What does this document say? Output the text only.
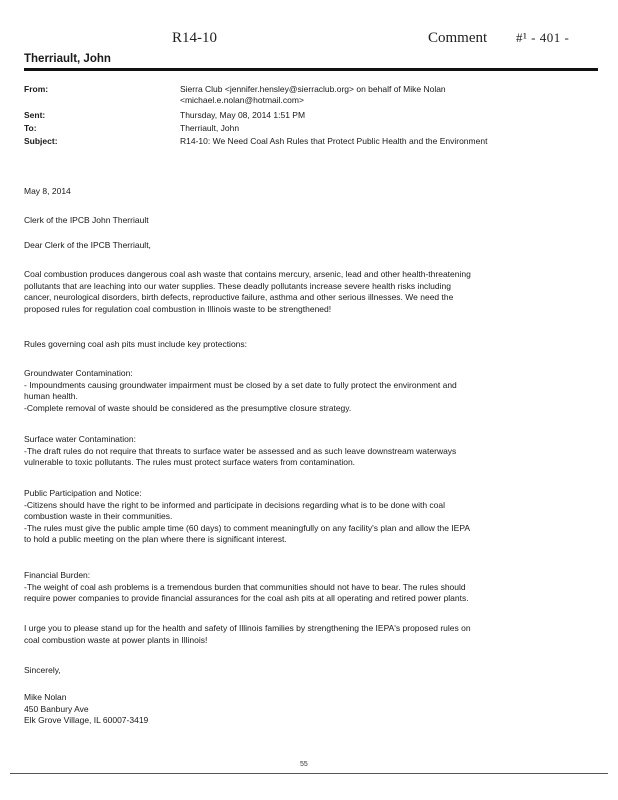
R14-10	Comment #¹ - 401 -
Therriault, John
From:	Sierra Club <jennifer.hensley@sierraclub.org> on behalf of Mike Nolan
<michael.e.nolan@hotmail.com>
Sent:	Thursday, May 08, 2014 1:51 PM
To:	Therriault, John
Subject:	R14-10: We Need Coal Ash Rules that Protect Public Health and the Environment
May 8, 2014
Clerk of the IPCB John Therriault
Dear Clerk of the IPCB Therriault,
Coal combustion produces dangerous coal ash waste that contains mercury, arsenic, lead and other health-threatening
pollutants that are leaching into our water supplies. These deadly pollutants increase severe health risks including
cancer, neurological disorders, birth defects, reproductive failure, asthma and other serious illnesses. We need the
proposed rules for regulation coal combustion in Illinois waste to be strengthened!
Rules governing coal ash pits must include key protections:
Groundwater Contamination:
- Impoundments causing groundwater impairment must be closed by a set date to fully protect the environment and
human health.
-Complete removal of waste should be considered as the presumptive closure strategy.
Surface water Contamination:
-The draft rules do not require that threats to surface water be assessed and as such leave downstream waterways
vulnerable to toxic pollutants. The rules must protect surface waters from contamination.
Public Participation and Notice:
-Citizens should have the right to be informed and participate in decisions regarding what is to be done with coal
combustion waste in their communities.
-The rules must give the public ample time (60 days) to comment meaningfully on any facility's plan and allow the IEPA
to hold a public meeting on the plan where there is significant interest.
Financial Burden:
-The weight of coal ash problems is a tremendous burden that communities should not have to bear. The rules should
require power companies to provide financial assurances for the coal ash pits at all operating and retired power plants.
I urge you to please stand up for the health and safety of Illinois families by strengthening the IEPA's proposed rules on
coal combustion waste at power plants in Illinois!
Sincerely,
Mike Nolan
450 Banbury Ave
Elk Grove Village, IL 60007-3419
55
